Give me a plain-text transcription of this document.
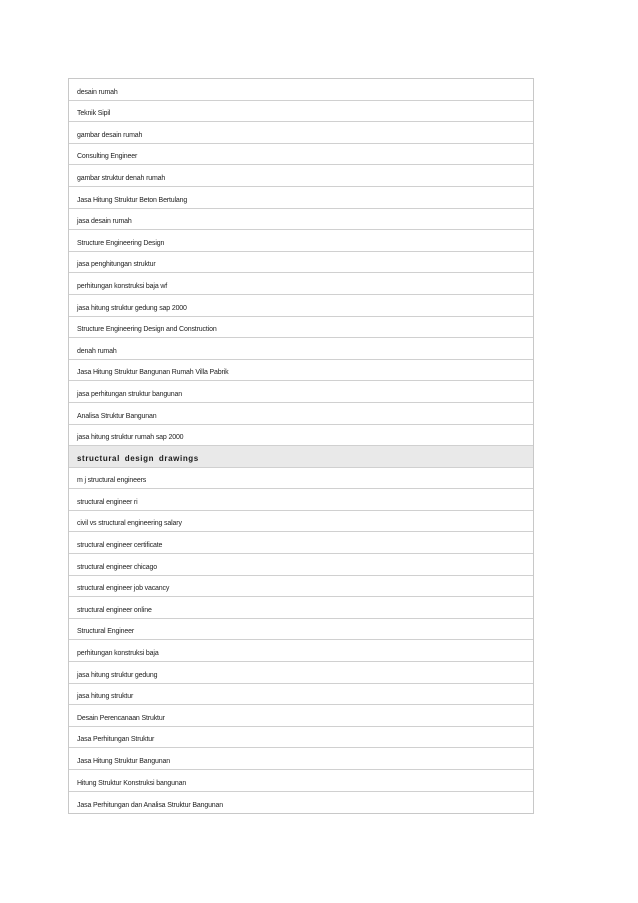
desain rumah
Teknik Sipil
gambar desain rumah
Consulting Engineer
gambar struktur denah rumah
Jasa Hitung Struktur Beton Bertulang
jasa desain rumah
Structure Engineering Design
jasa penghitungan struktur
perhitungan konstruksi baja wf
jasa hitung struktur gedung sap 2000
Structure Engineering Design and Construction
denah rumah
Jasa Hitung Struktur Bangunan Rumah Villa Pabrik
jasa perhitungan struktur bangunan
Analisa Struktur Bangunan
jasa hitung struktur rumah sap 2000
structural design drawings
m j structural engineers
structural engineer ri
civil vs structural engineering salary
structural engineer certificate
structural engineer chicago
structural engineer job vacancy
structural engineer online
Structural Engineer
perhitungan konstruksi baja
jasa hitung struktur gedung
jasa hitung struktur
Desain Perencanaan Struktur
Jasa Perhitungan Struktur
Jasa Hitung Struktur Bangunan
Hitung Struktur Konstruksi bangunan
Jasa Perhitungan dan Analisa Struktur Bangunan
